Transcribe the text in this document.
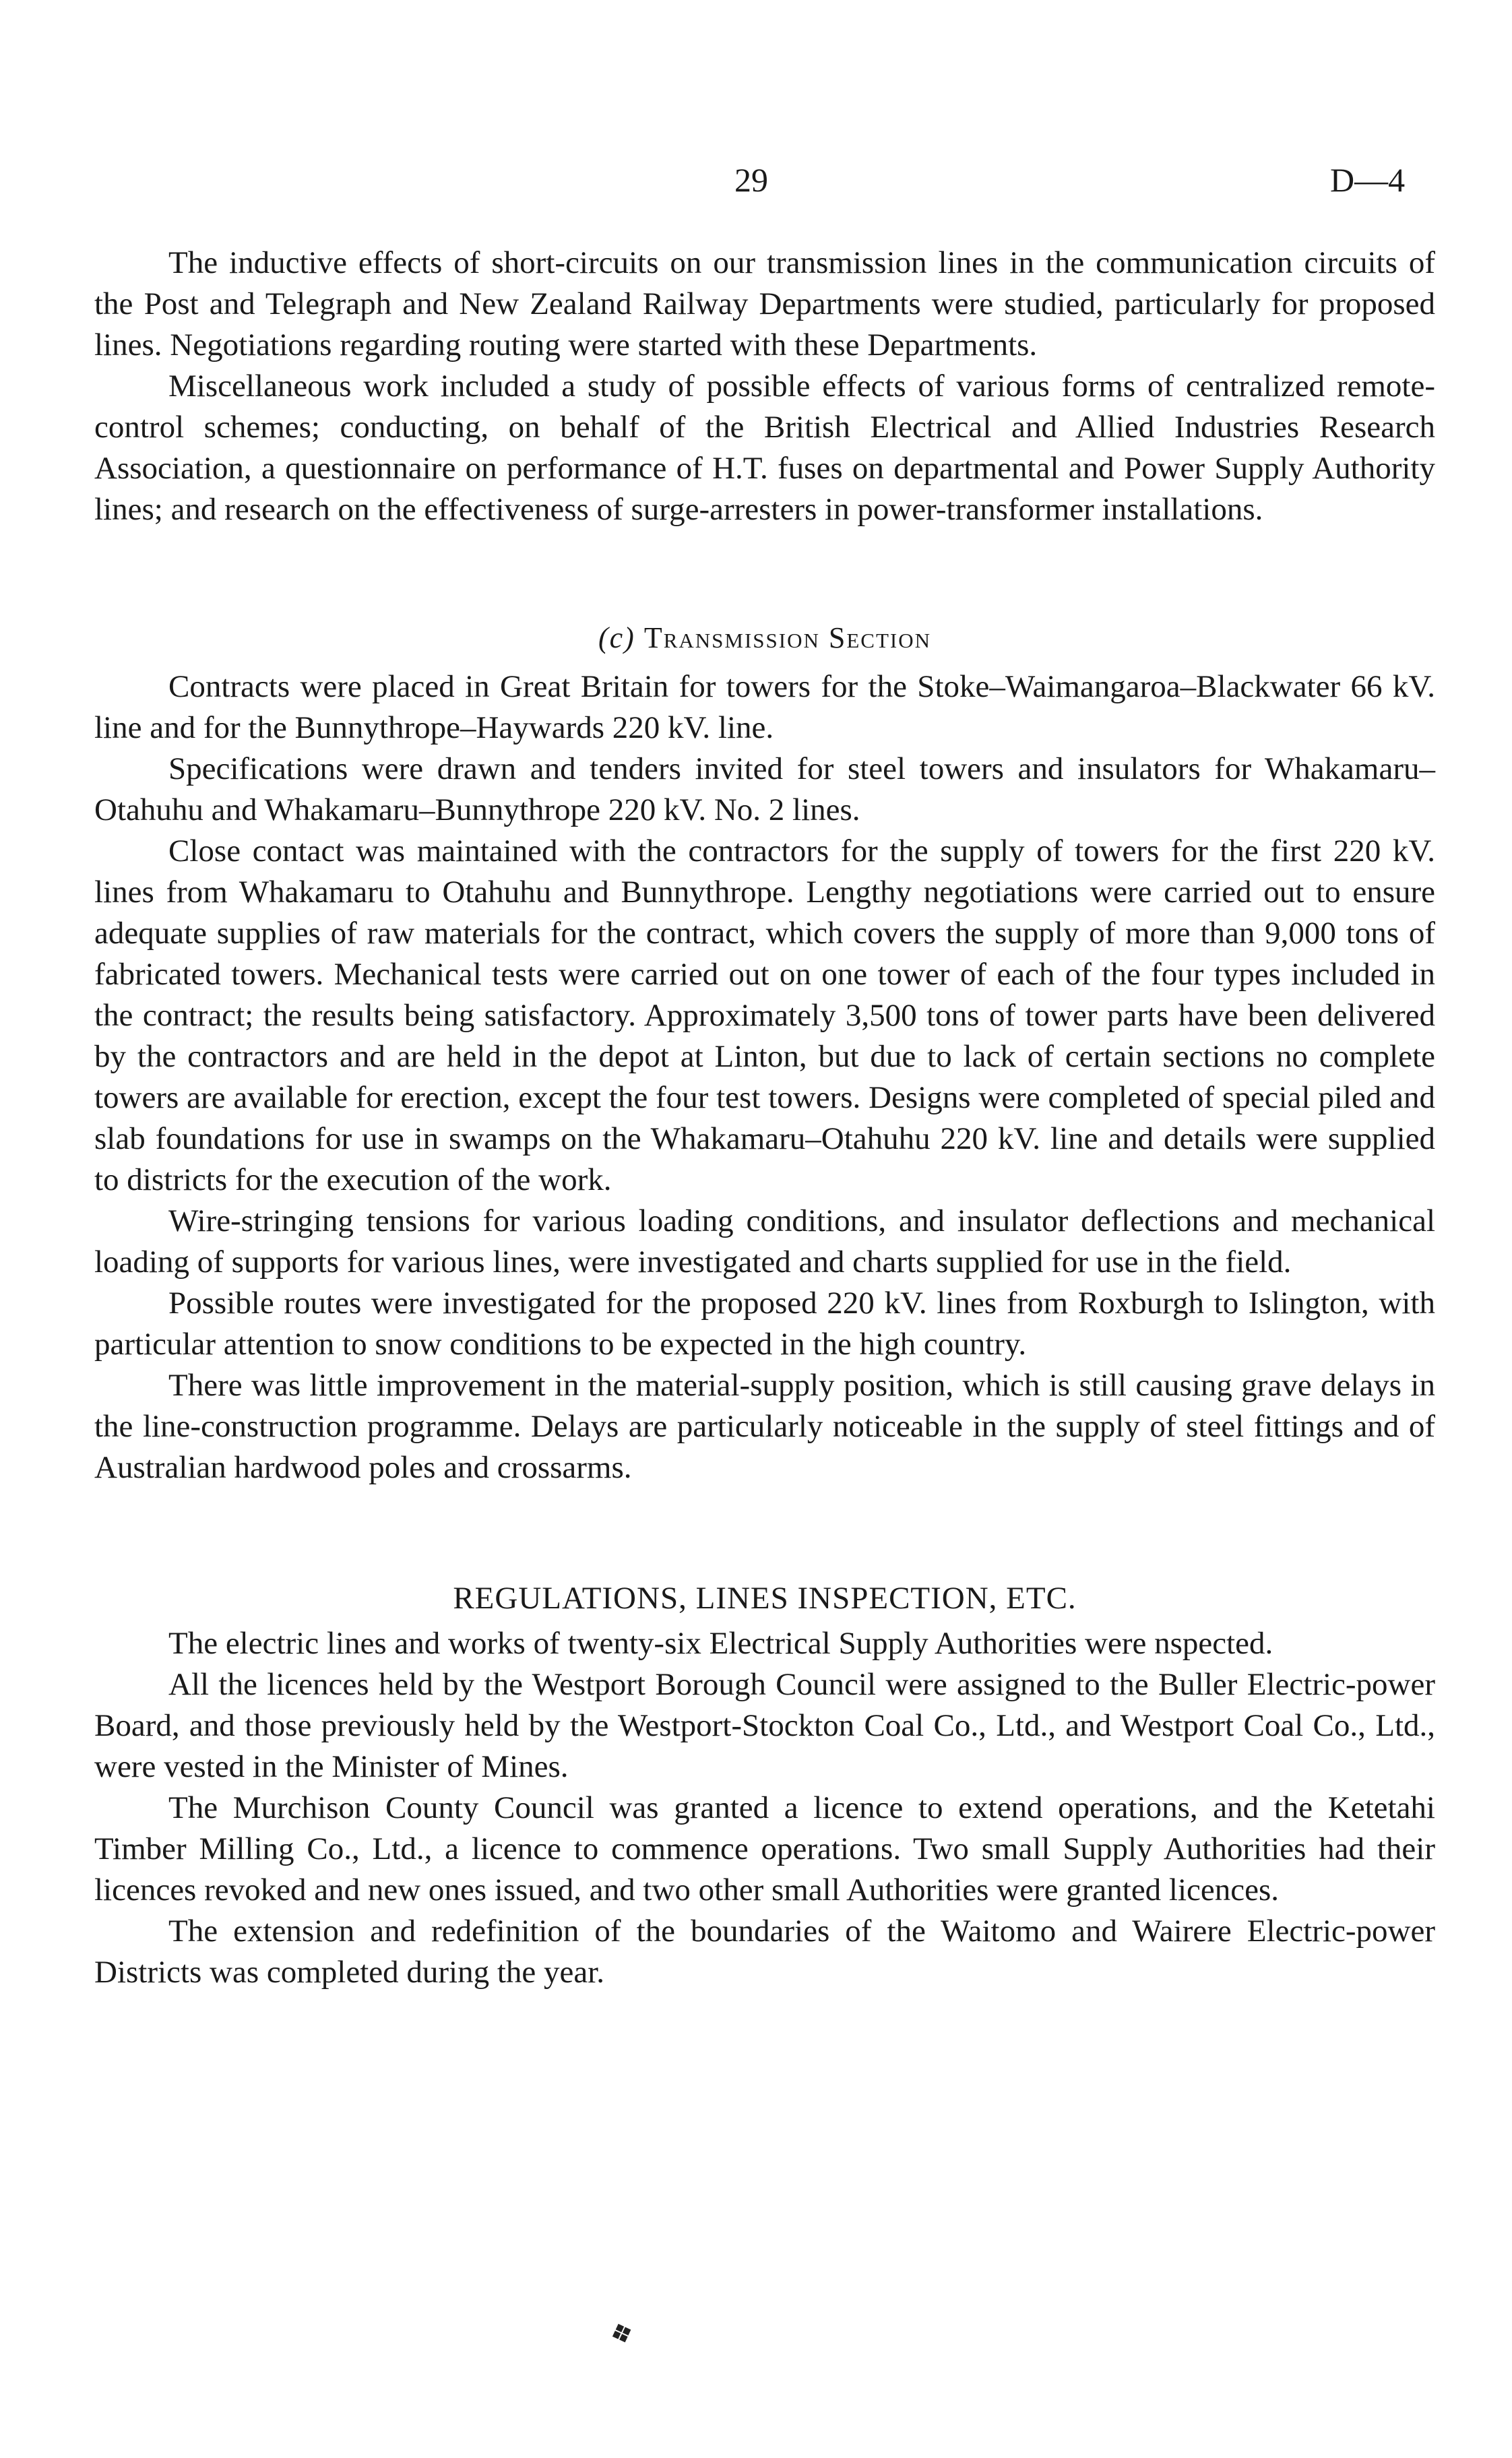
29	D—4

The inductive effects of short-circuits on our transmission lines in the communication circuits of the Post and Telegraph and New Zealand Railway Departments were studied, particularly for proposed lines. Negotiations regarding routing were started with these Departments.

Miscellaneous work included a study of possible effects of various forms of centralized remote-control schemes; conducting, on behalf of the British Electrical and Allied Industries Research Association, a questionnaire on performance of H.T. fuses on departmental and Power Supply Authority lines; and research on the effectiveness of surge-arresters in power-transformer installations.

(c) Transmission Section

Contracts were placed in Great Britain for towers for the Stoke–Waimangaroa–Blackwater 66 kV. line and for the Bunnythrope–Haywards 220 kV. line.

Specifications were drawn and tenders invited for steel towers and insulators for Whakamaru–Otahuhu and Whakamaru–Bunnythrope 220 kV. No. 2 lines.

Close contact was maintained with the contractors for the supply of towers for the first 220 kV. lines from Whakamaru to Otahuhu and Bunnythrope. Lengthy negotiations were carried out to ensure adequate supplies of raw materials for the contract, which covers the supply of more than 9,000 tons of fabricated towers. Mechanical tests were carried out on one tower of each of the four types included in the contract; the results being satisfactory. Approximately 3,500 tons of tower parts have been delivered by the contractors and are held in the depot at Linton, but due to lack of certain sections no complete towers are available for erection, except the four test towers. Designs were completed of special piled and slab foundations for use in swamps on the Whakamaru–Otahuhu 220 kV. line and details were supplied to districts for the execution of the work.

Wire-stringing tensions for various loading conditions, and insulator deflections and mechanical loading of supports for various lines, were investigated and charts supplied for use in the field.

Possible routes were investigated for the proposed 220 kV. lines from Roxburgh to Islington, with particular attention to snow conditions to be expected in the high country.

There was little improvement in the material-supply position, which is still causing grave delays in the line-construction programme. Delays are particularly noticeable in the supply of steel fittings and of Australian hardwood poles and crossarms.

REGULATIONS, LINES INSPECTION, ETC.

The electric lines and works of twenty-six Electrical Supply Authorities were nspected.

All the licences held by the Westport Borough Council were assigned to the Buller Electric-power Board, and those previously held by the Westport-Stockton Coal Co., Ltd., and Westport Coal Co., Ltd., were vested in the Minister of Mines.

The Murchison County Council was granted a licence to extend operations, and the Ketetahi Timber Milling Co., Ltd., a licence to commence operations. Two small Supply Authorities had their licences revoked and new ones issued, and two other small Authorities were granted licences.

The extension and redefinition of the boundaries of the Waitomo and Wairere Electric-power Districts was completed during the year.

❖
